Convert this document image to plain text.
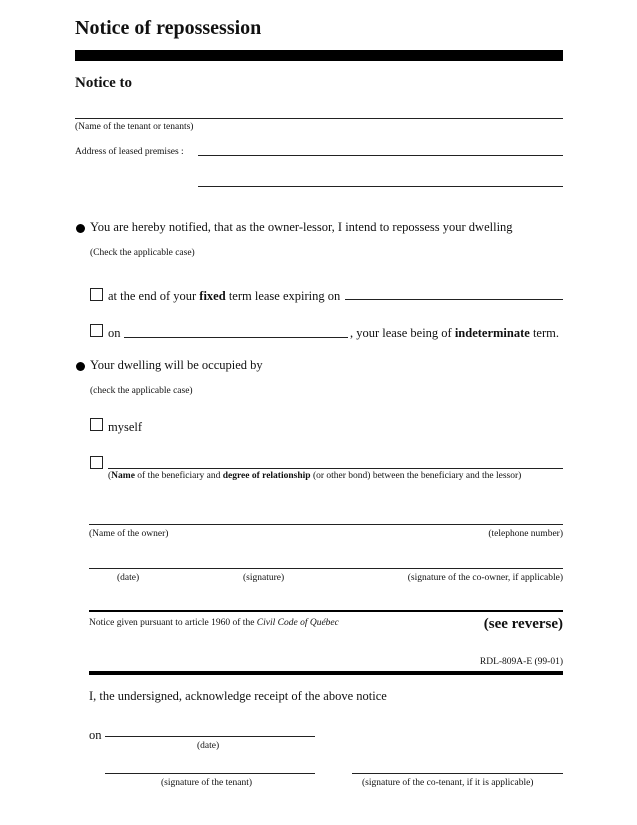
Notice of repossession
Notice to
(Name of the tenant or tenants)
Address of leased premises :
You are hereby notified, that as the owner-lessor, I intend to repossess your dwelling
(Check the applicable case)
at the end of your fixed term lease expiring on
on	, your lease being of indeterminate term.
Your dwelling will be occupied by
(check the applicable case)
myself
(Name of the beneficiary and degree of relationship (or other bond) between the beneficiary and the lessor)
(Name of the owner)	(telephone number)
(date)	(signature)	(signature of the co-owner, if applicable)
Notice given pursuant to article 1960 of the Civil Code of Québec	(see reverse)
RDL-809A-E (99-01)
I, the undersigned, acknowledge receipt of the above notice
on
(date)
(signature of the tenant)	(signature of the co-tenant, if it is applicable)
